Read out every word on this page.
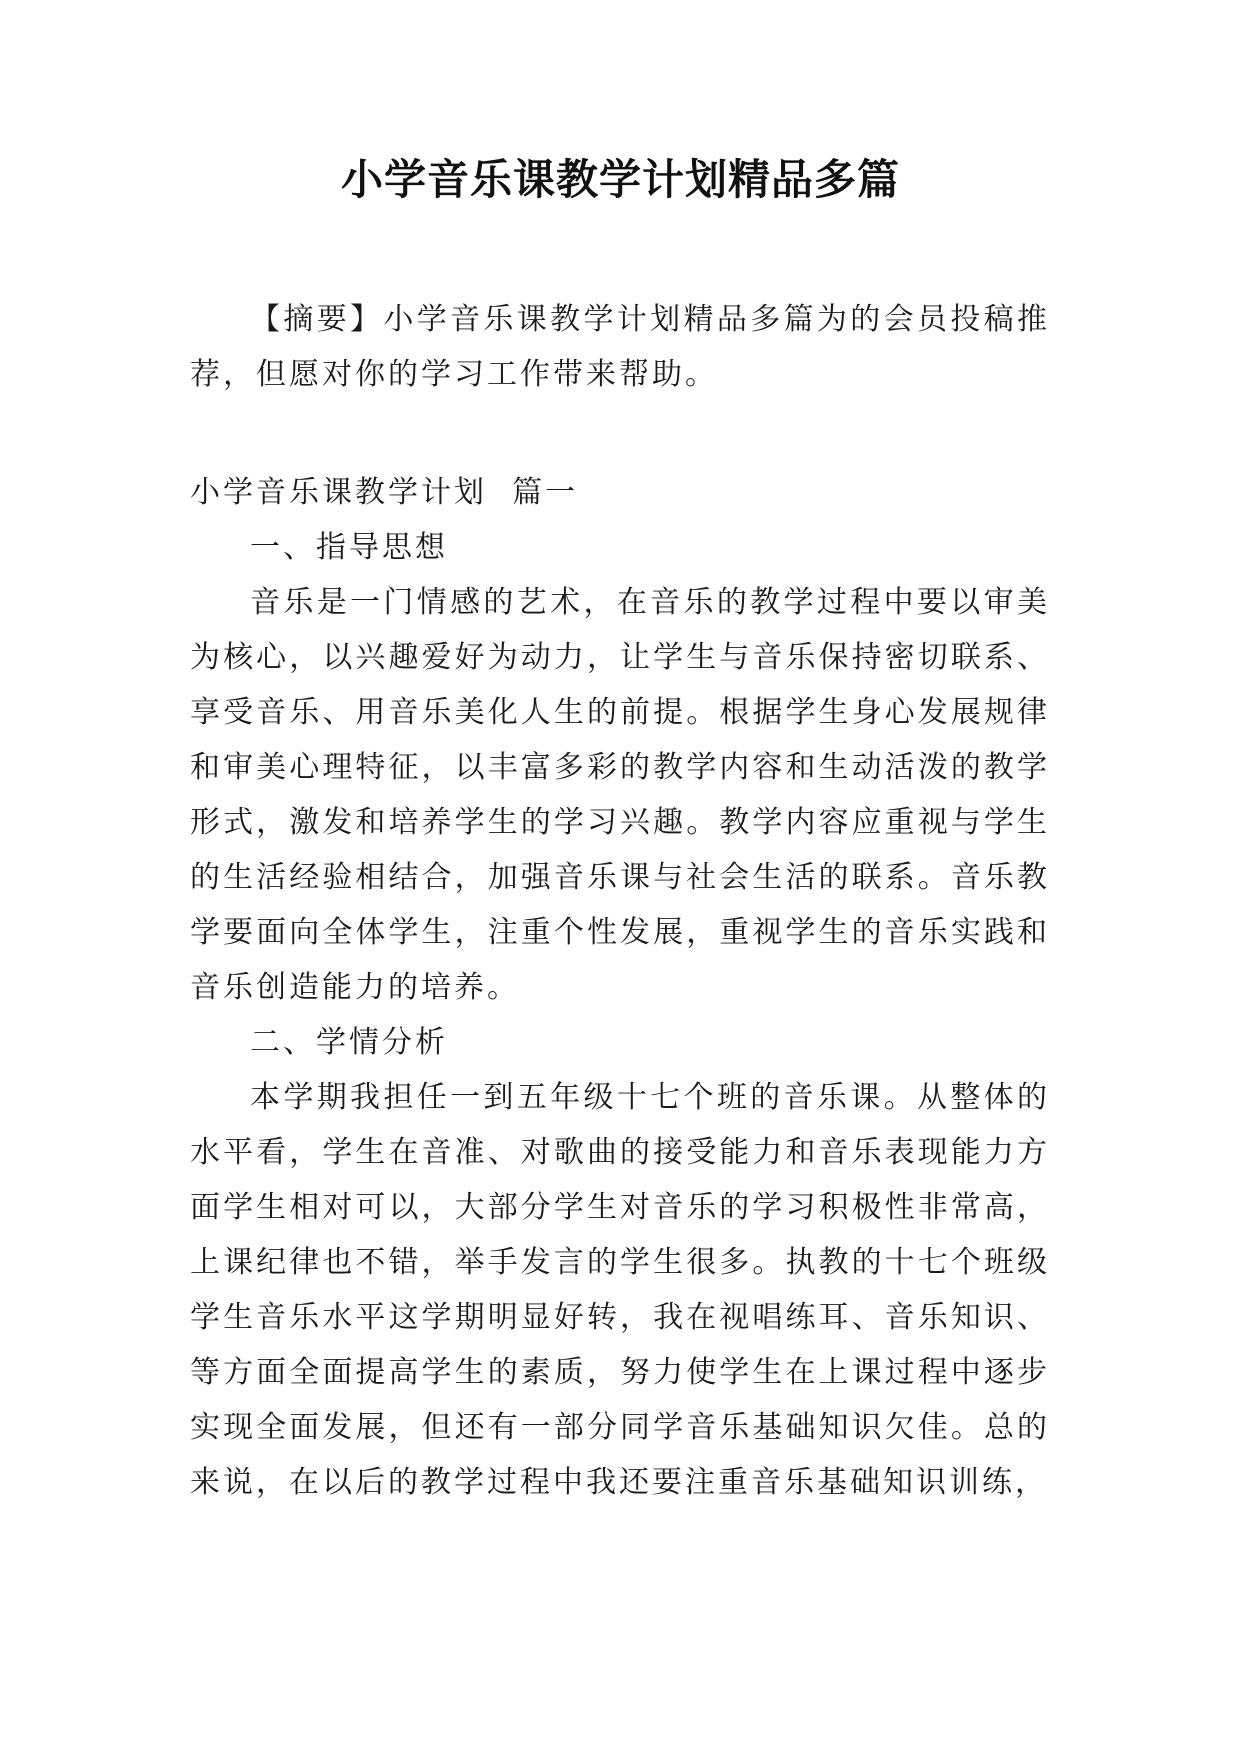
小学音乐课教学计划精品多篇

【摘要】小学音乐课教学计划精品多篇为的会员投稿推荐，但愿对你的学习工作带来帮助。

小学音乐课教学计划  篇一

一、指导思想

音乐是一门情感的艺术，在音乐的教学过程中要以审美为核心，以兴趣爱好为动力，让学生与音乐保持密切联系、享受音乐、用音乐美化人生的前提。根据学生身心发展规律和审美心理特征，以丰富多彩的教学内容和生动活泼的教学形式，激发和培养学生的学习兴趣。教学内容应重视与学生的生活经验相结合，加强音乐课与社会生活的联系。音乐教学要面向全体学生，注重个性发展，重视学生的音乐实践和音乐创造能力的培养。

二、学情分析

本学期我担任一到五年级十七个班的音乐课。从整体的水平看，学生在音准、对歌曲的接受能力和音乐表现能力方面学生相对可以，大部分学生对音乐的学习积极性非常高，上课纪律也不错，举手发言的学生很多。执教的十七个班级学生音乐水平这学期明显好转，我在视唱练耳、音乐知识、等方面全面提高学生的素质，努力使学生在上课过程中逐步实现全面发展，但还有一部分同学音乐基础知识欠佳。总的来说，在以后的教学过程中我还要注重音乐基础知识训练，
